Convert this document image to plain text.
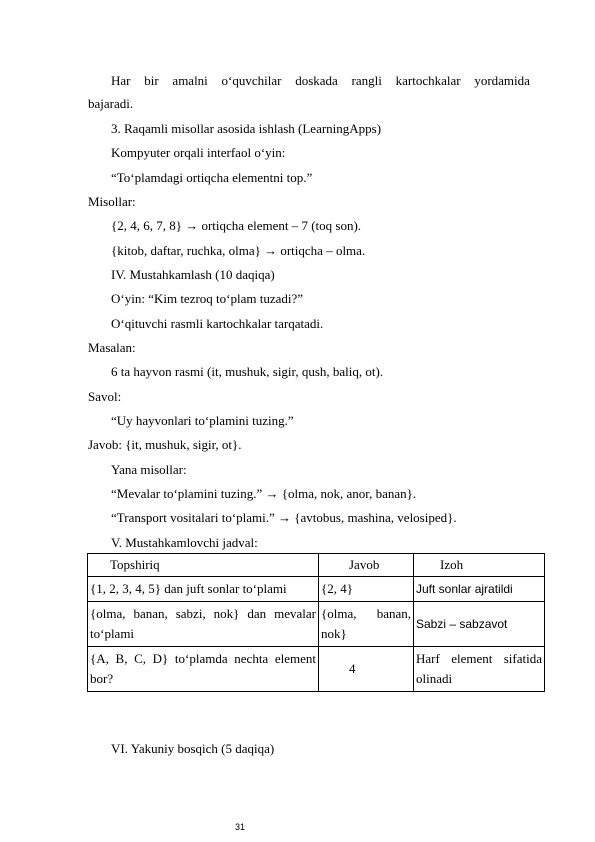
Har bir amalni o‘quvchilar doskada rangli kartochkalar yordamida
bajaradi.
3. Raqamli misollar asosida ishlash (LearningApps)
Kompyuter orqali interfaol o‘yin:
“To‘plamdagi ortiqcha elementni top.”
Misollar:
{2, 4, 6, 7, 8} → ortiqcha element – 7 (toq son).
{kitob, daftar, ruchka, olma} → ortiqcha – olma.
IV. Mustahkamlash (10 daqiqa)
O‘yin: “Kim tezroq to‘plam tuzadi?”
O‘qituvchi rasmli kartochkalar tarqatadi.
Masalan:
6 ta hayvon rasmi (it, mushuk, sigir, qush, baliq, ot).
Savol:
“Uy hayvonlari to‘plamini tuzing.”
Javob: {it, mushuk, sigir, ot}.
Yana misollar:
“Mevalar to‘plamini tuzing.” → {olma, nok, anor, banan}.
“Transport vositalari to‘plami.” → {avtobus, mashina, velosiped}.
V. Mustahkamlovchi jadval:
Topshiriq	Javob	Izoh
{1, 2, 3, 4, 5} dan juft sonlar to‘plami	{2, 4}	Juft sonlar ajratildi
{olma, banan, sabzi, nok} dan mevalar to‘plami	{olma, banan, nok}	Sabzi – sabzavot
{A, B, C, D} to‘plamda nechta element bor?	4	Harf element sifatida olinadi
VI. Yakuniy bosqich (5 daqiqa)
31
